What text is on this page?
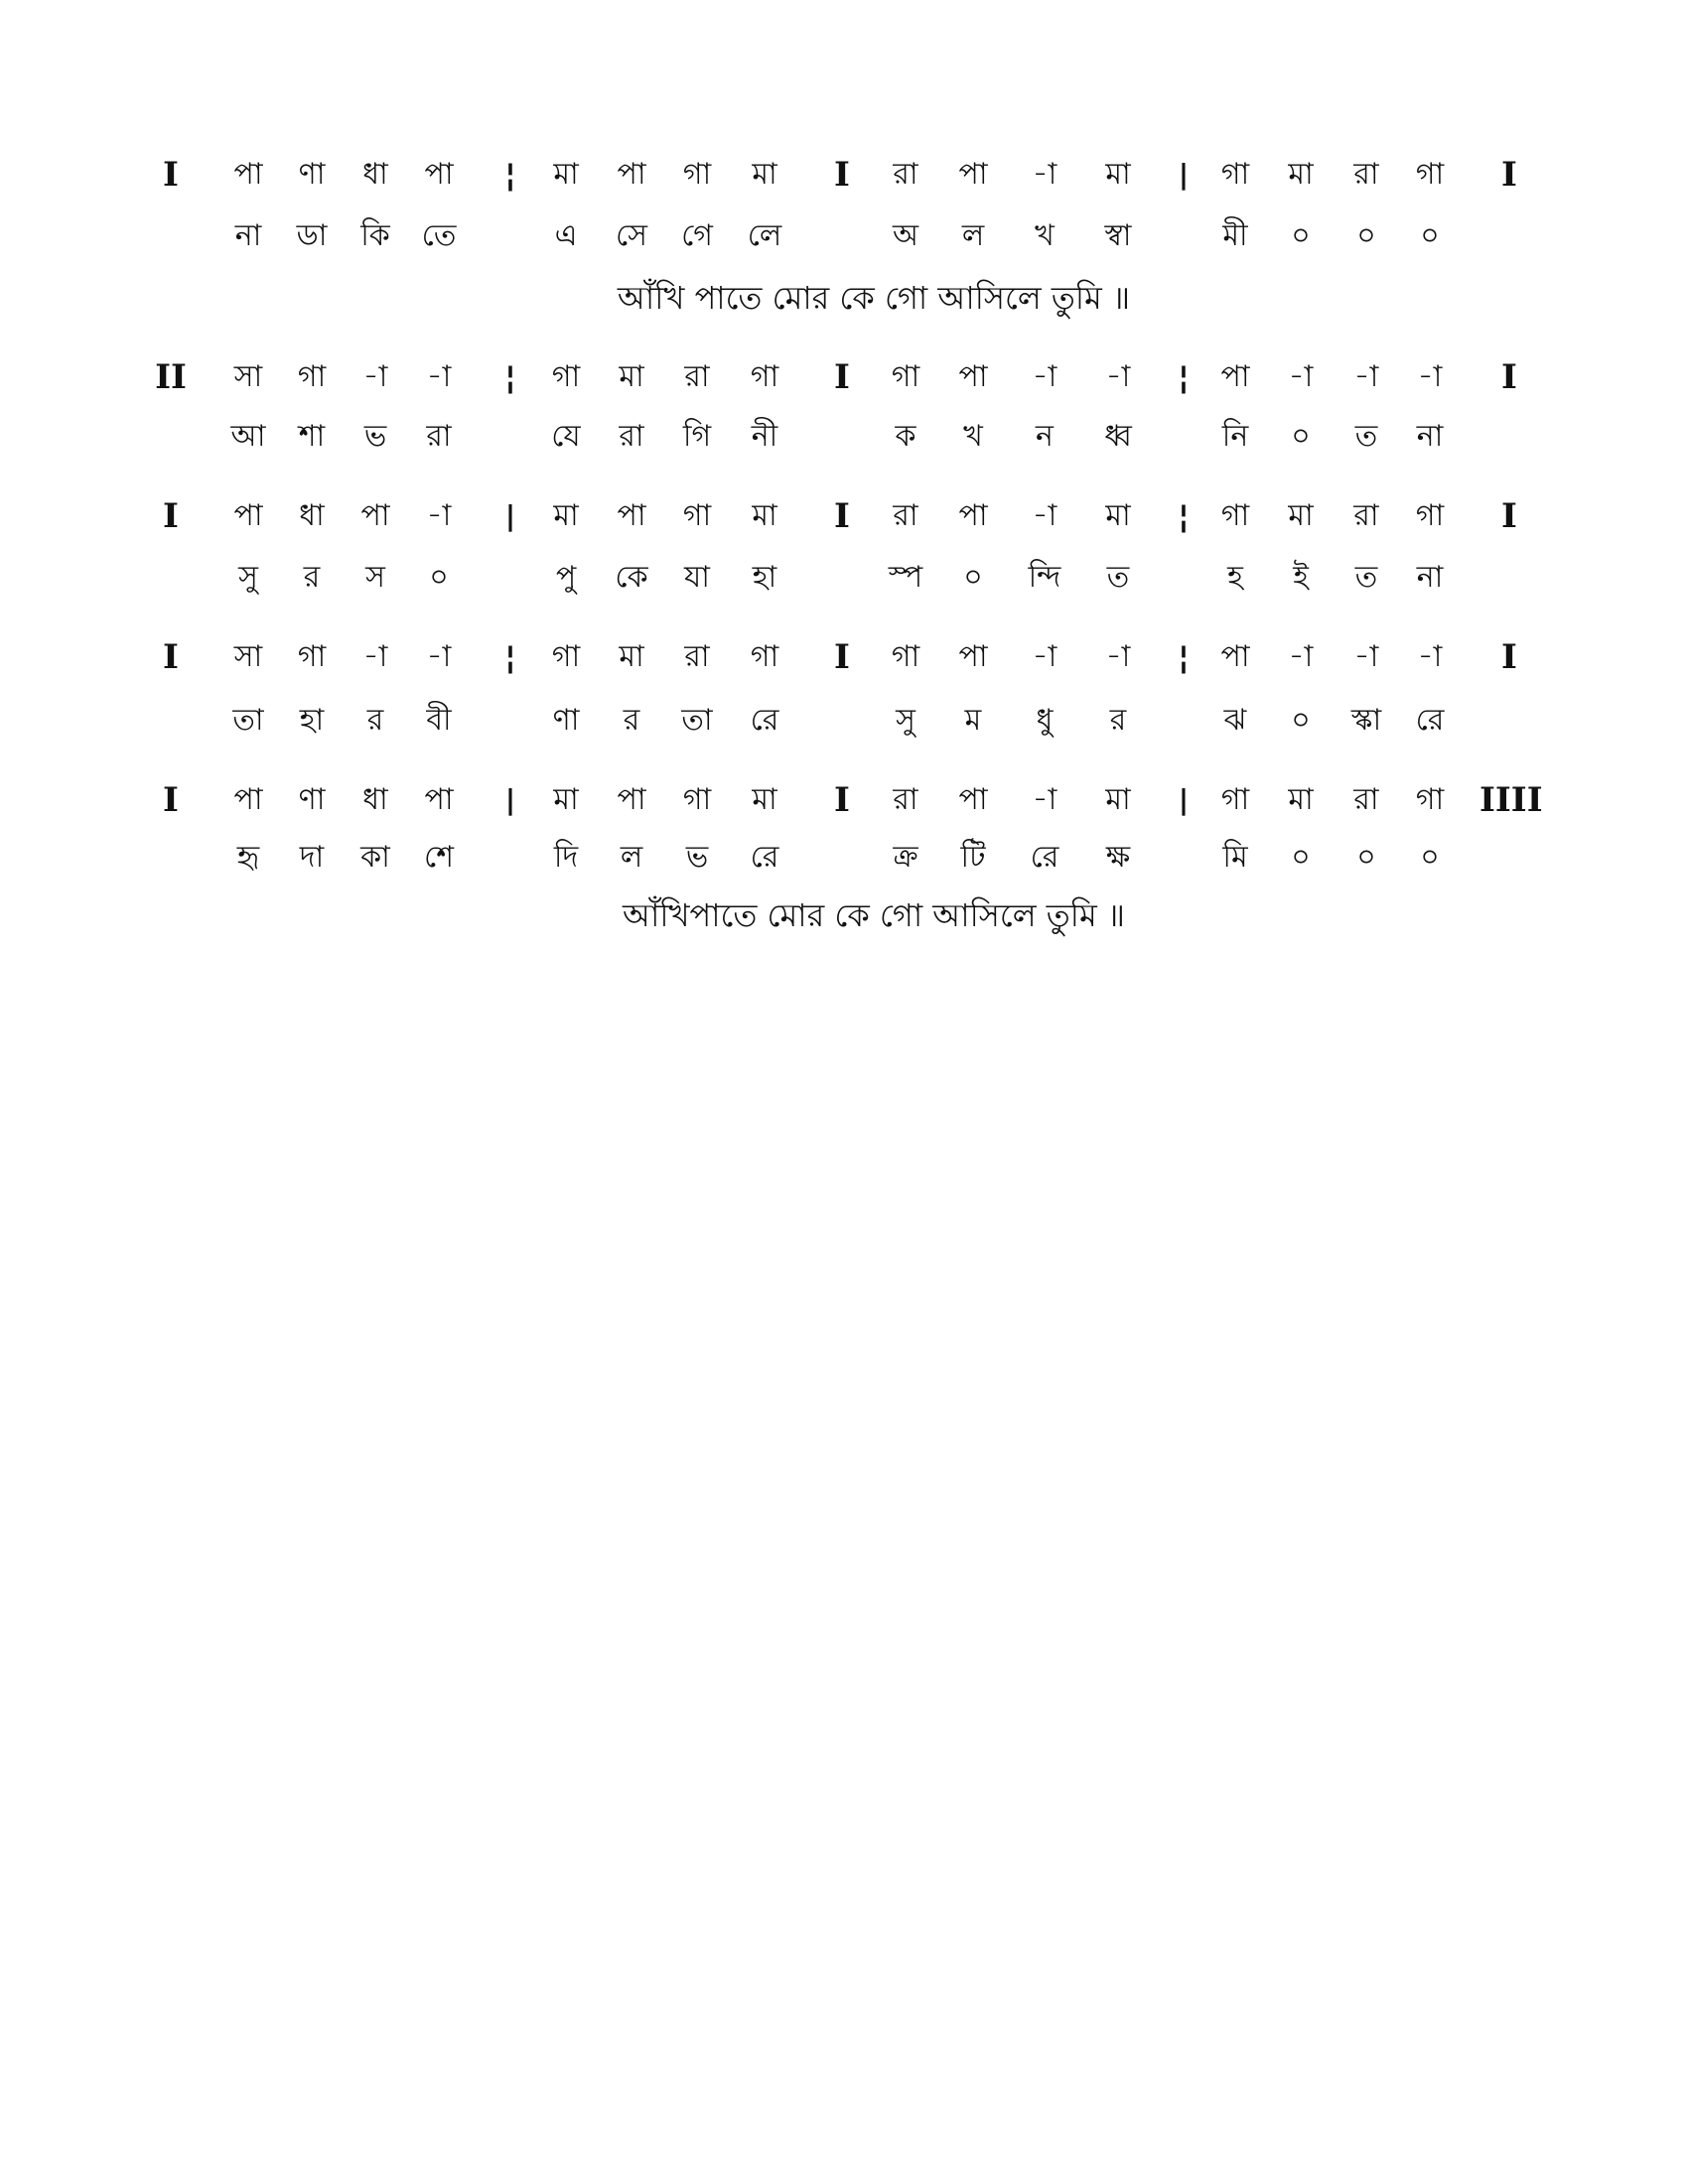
I	পা	ণা	ধা	পা	¦	মা	পা	গা	মা	I	রা	পা	-া	মা	|	গা	মা	রা	গা	I
না	ডা	কি	তে	এ	সে	গে	লে	অ	ল	খ	স্বা	মী	০	০	০
আঁখি পাতে মোর কে গো আসিলে তুমি ॥
II	সা	গা	-া	-া	¦	গা	মা	রা	গা	I	গা	পা	-া	-া	¦	পা	-া	-া	-া	I
আ	শা	ভ	রা	যে	রা	গি	নী	ক	খ	ন	ধ্ব	নি	০	ত	না
I	পা	ধা	পা	-া	|	মা	পা	গা	মা	I	রা	পা	-া	মা	¦	গা	মা	রা	গা	I
সু	র	স	০	পু	কে	যা	হা	স্প	০	ন্দি	ত	হ	ই	ত	না
I	সা	গা	-া	-া	¦	গা	মা	রা	গা	I	গা	পা	-া	-া	¦	পা	-া	-া	-া	I
তা	হা	র	বী	ণা	র	তা	রে	সু	ম	ধু	র	ঝ	০	স্কা	রে
I	পা	ণা	ধা	পা	|	মা	পা	গা	মা	I	রা	পা	-া	মা	|	গা	মা	রা	গা	IIII
হৃ	দা	কা	শে	দি	ল	ভ	রে	ক্র	টি	রে	ক্ষ	মি	০	০	০
আঁখিপাতে মোর কে গো আসিলে তুমি ॥
